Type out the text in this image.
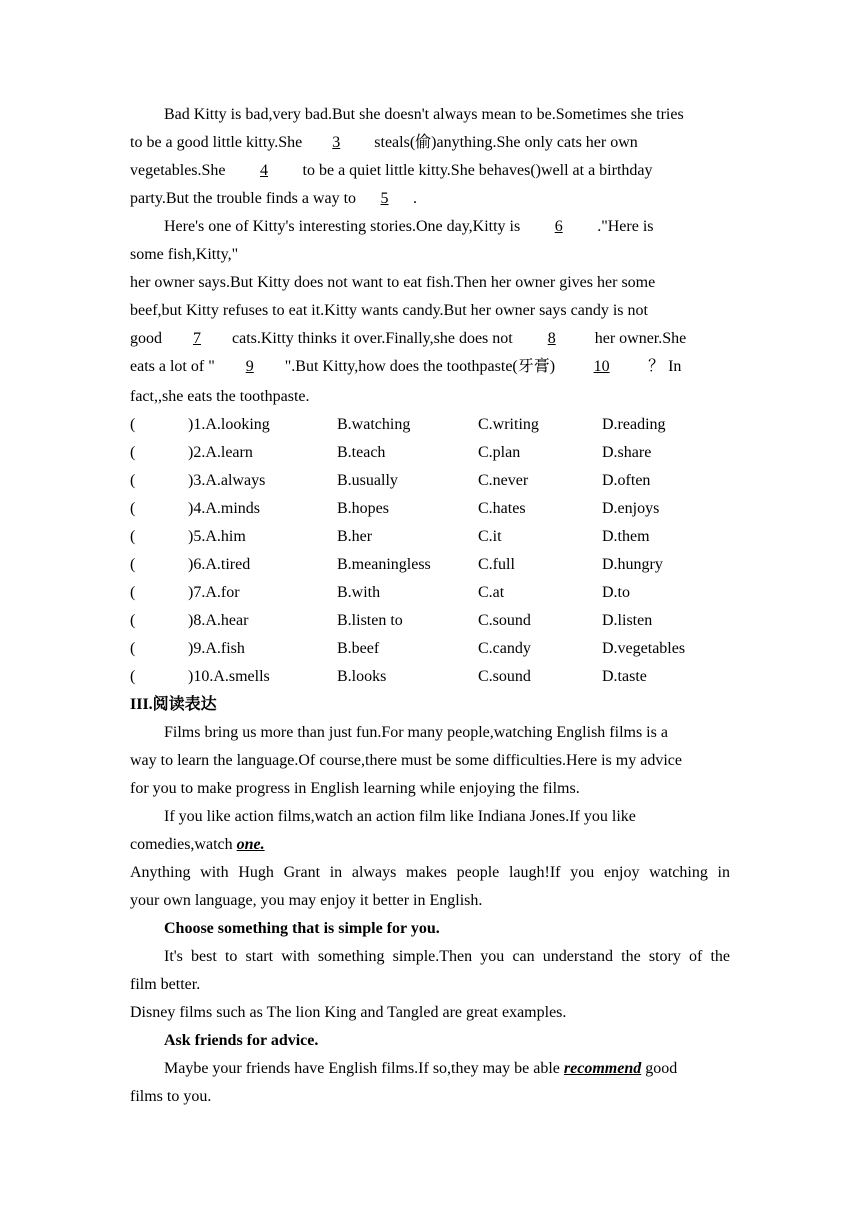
Bad Kitty is bad,very bad.But she doesn't always mean to be.Sometimes she tries
to be a good little kitty.She 3 steals(偷)anything.She only cats her own
vegetables.She 4 to be a quiet little kitty.She behaves()well at a birthday
party.But the trouble finds a way to 5 .
Here's one of Kitty's interesting stories.One day,Kitty is 6 ."Here is
some fish,Kitty,"
her owner says.But Kitty does not want to eat fish.Then her owner gives her some
beef,but Kitty refuses to eat it.Kitty wants candy.But her owner says candy is not
good 7 cats.Kitty thinks it over.Finally,she does not 8 her owner.She
eats a lot of " 9 ".But Kitty,how does the toothpaste(牙膏) 10 ？ In
fact,,she eats the toothpaste.
(	)1.A.looking	B.watching	C.writing	D.reading
(	)2.A.learn	B.teach	C.plan	D.share
(	)3.A.always	B.usually	C.never	D.often
(	)4.A.minds	B.hopes	C.hates	D.enjoys
(	)5.A.him	B.her	C.it	D.them
(	)6.A.tired	B.meaningless	C.full	D.hungry
(	)7.A.for	B.with	C.at	D.to
(	)8.A.hear	B.listen to	C.sound	D.listen
(	)9.A.fish	B.beef	C.candy	D.vegetables
(	)10.A.smells	B.looks	C.sound	D.taste
III.阅读表达
Films bring us more than just fun.For many people,watching English films is a
way to learn the language.Of course,there must be some difficulties.Here is my advice
for you to make progress in English learning while enjoying the films.
If you like action films,watch an action film like Indiana Jones.If you like
comedies,watch one.
Anything with Hugh Grant in always makes people laugh!If you enjoy watching in
your own language, you may enjoy it better in English.
Choose something that is simple for you.
It's best to start with something simple.Then you can understand the story of the
film better.
Disney films such as The lion King and Tangled are great examples.
Ask friends for advice.
Maybe your friends have English films.If so,they may be able recommend good
films to you.
